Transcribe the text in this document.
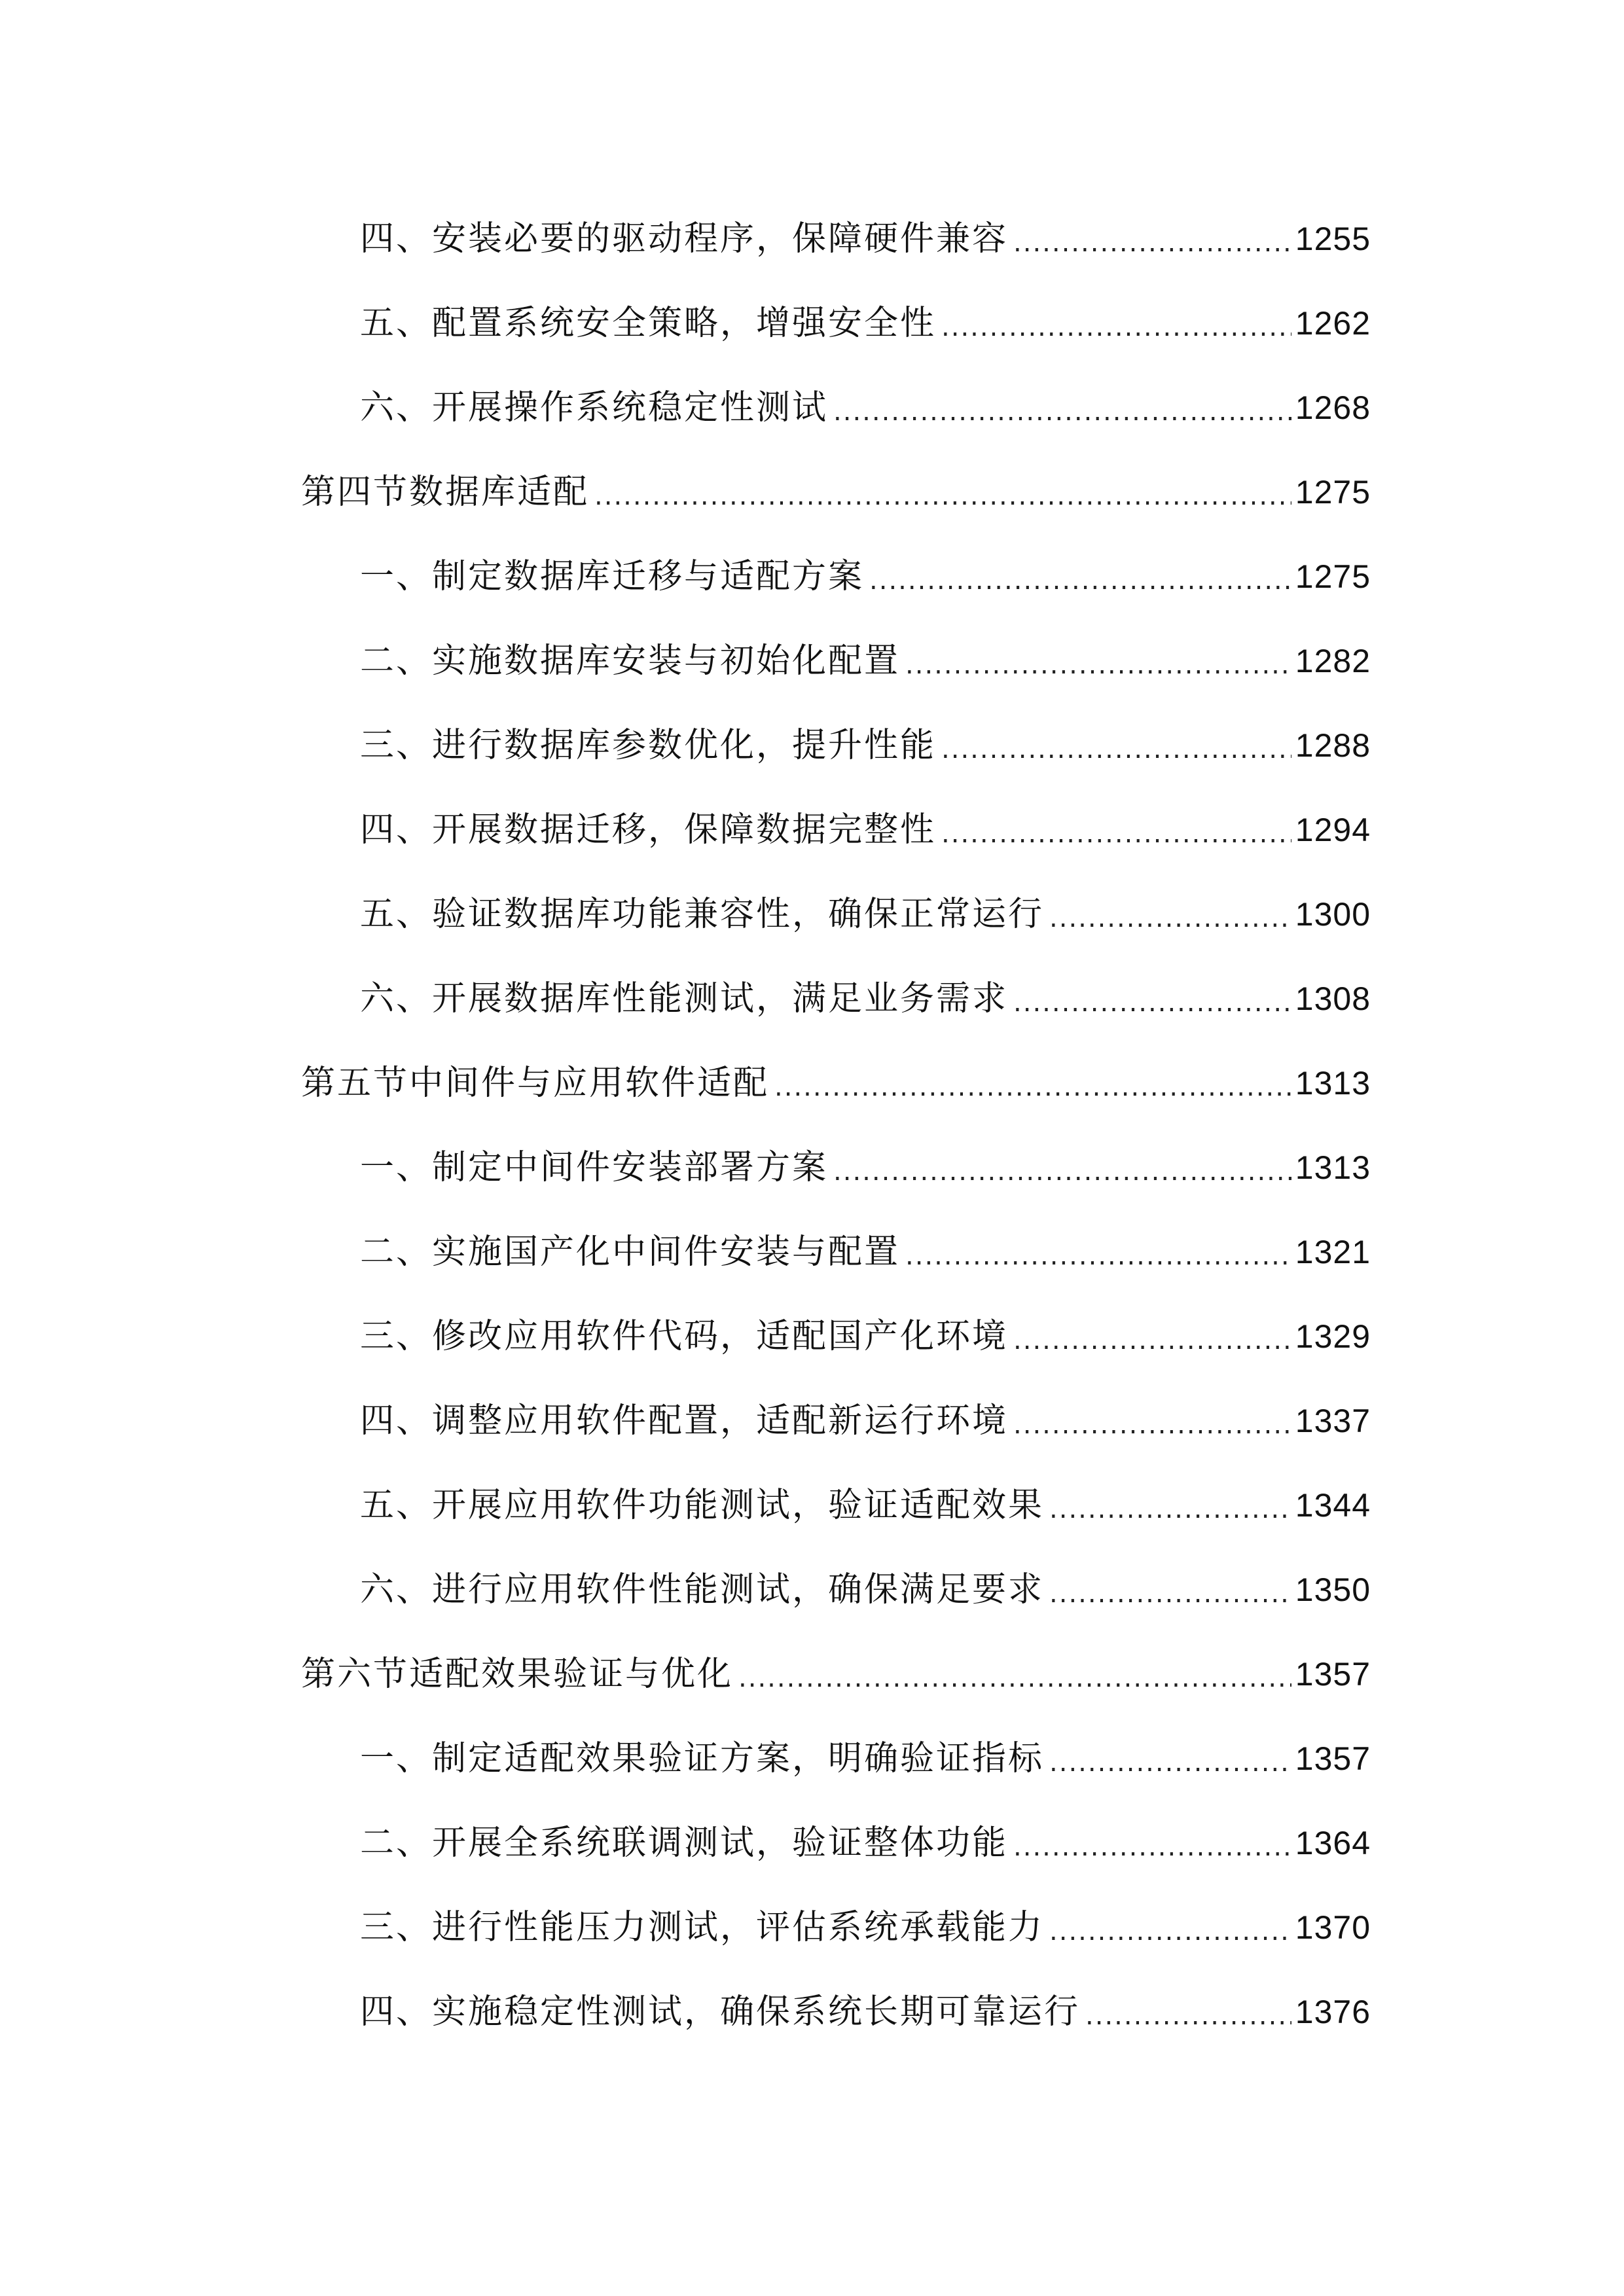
四、安装必要的驱动程序，保障硬件兼容 .....	1255
五、配置系统安全策略，增强安全性 .....	1262
六、开展操作系统稳定性测试 .....	1268
第四节数据库适配 .....	1275
一、制定数据库迁移与适配方案 .....	1275
二、实施数据库安装与初始化配置 .....	1282
三、进行数据库参数优化，提升性能 .....	1288
四、开展数据迁移，保障数据完整性 .....	1294
五、验证数据库功能兼容性，确保正常运行 .....	1300
六、开展数据库性能测试，满足业务需求 .....	1308
第五节中间件与应用软件适配 .....	1313
一、制定中间件安装部署方案 .....	1313
二、实施国产化中间件安装与配置 .....	1321
三、修改应用软件代码，适配国产化环境 .....	1329
四、调整应用软件配置，适配新运行环境 .....	1337
五、开展应用软件功能测试，验证适配效果 .....	1344
六、进行应用软件性能测试，确保满足要求 .....	1350
第六节适配效果验证与优化 .....	1357
一、制定适配效果验证方案，明确验证指标 .....	1357
二、开展全系统联调测试，验证整体功能 .....	1364
三、进行性能压力测试，评估系统承载能力 .....	1370
四、实施稳定性测试，确保系统长期可靠运行 .....	1376
